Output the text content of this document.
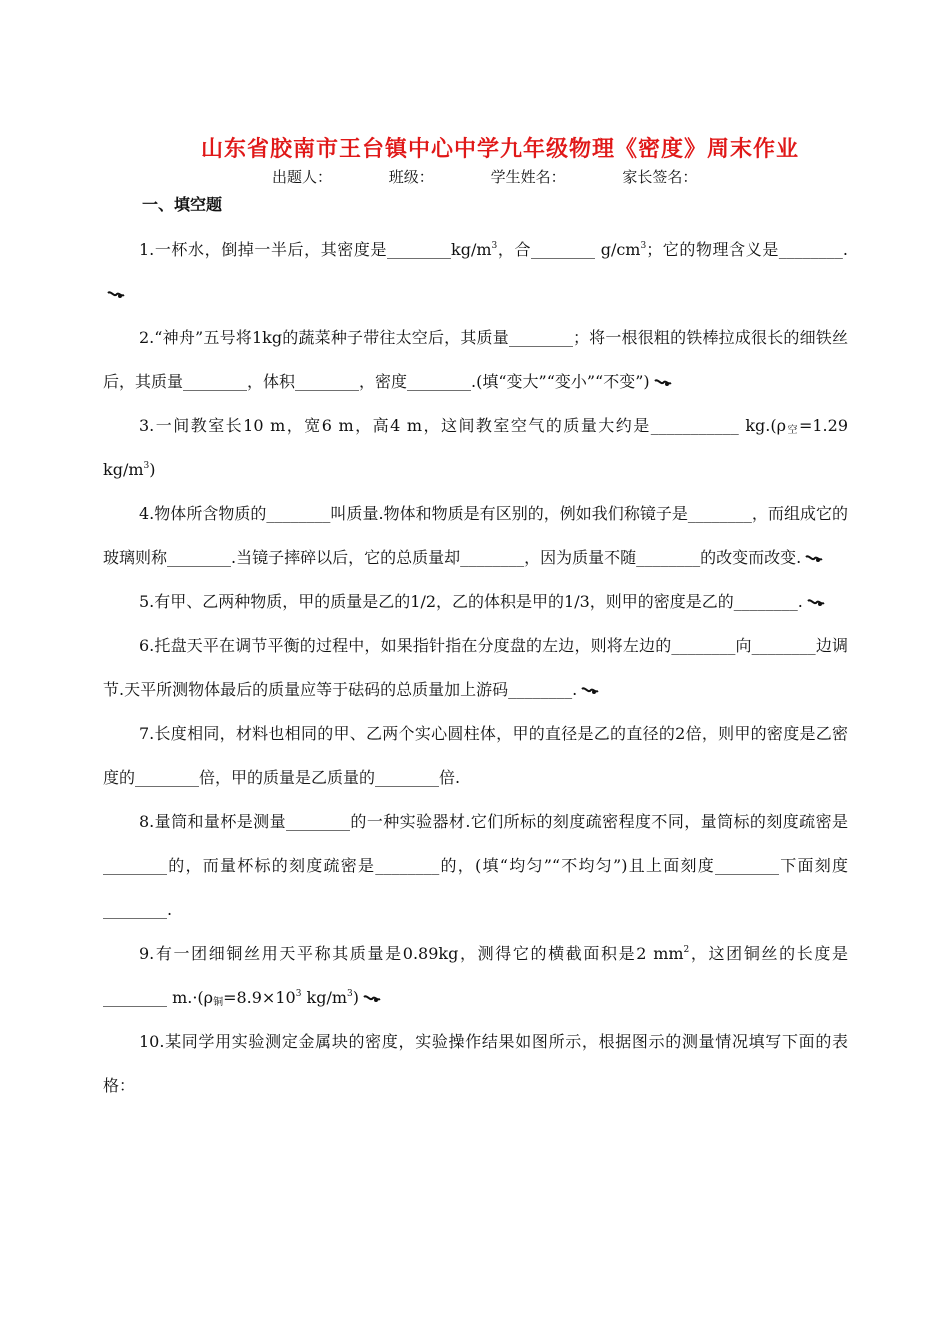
山东省胶南市王台镇中心中学九年级物理《密度》周末作业
出题人：	班级：	学生姓名：	家长签名：
一、填空题

1.一杯水，倒掉一半后，其密度是$\_\_\_\_\_\_\_\_kg/m^3$，合________ $g/cm^3$；它的物理含义是________.

2.“神舟”五号将1kg的蔬菜种子带往太空后，其质量________；将一根很粗的铁棒拉成很长的细铁丝后，其质量________，体积________，密度________.(填“变大”“变小”“不变”)

3.一间教室长10 m，宽6 m，高4 m，这间教室空气的质量大约是___________ $kg.(\rho_空=1.29$ $kg/m^3$)

4.物体所含物质的________叫质量.物体和物质是有区别的，例如我们称镜子是________，而组成它的玻璃则称________.当镜子摔碎以后，它的总质量却________，因为质量不随________的改变而改变.

5.有甲、乙两种物质，甲的质量是乙的1/2，乙的体积是甲的1/3，则甲的密度是乙的________.

6.托盘天平在调节平衡的过程中，如果指针指在分度盘的左边，则将左边的________向________边调节.天平所测物体最后的质量应等于砝码的总质量加上游码________.

7.长度相同，材料也相同的甲、乙两个实心圆柱体，甲的直径是乙的直径的2倍，则甲的密度是乙密度的________倍，甲的质量是乙质量的________倍.

8.量筒和量杯是测量________的一种实验器材.它们所标的刻度疏密程度不同，量筒标的刻度疏密是________的，而量杯标的刻度疏密是________的，(填“均匀”“不均匀”)且上面刻度________下面刻度________.

9.有一团细铜丝用天平称其质量是0.89kg，测得它的横截面积是2 $mm^2$，这团铜丝的长度是________ $m.\cdot(\rho_铜=8.9\times 10^3$ $kg/m^3$)

10.某同学用实验测定金属块的密度，实验操作结果如图所示，根据图示的测量情况填写下面的表格：
